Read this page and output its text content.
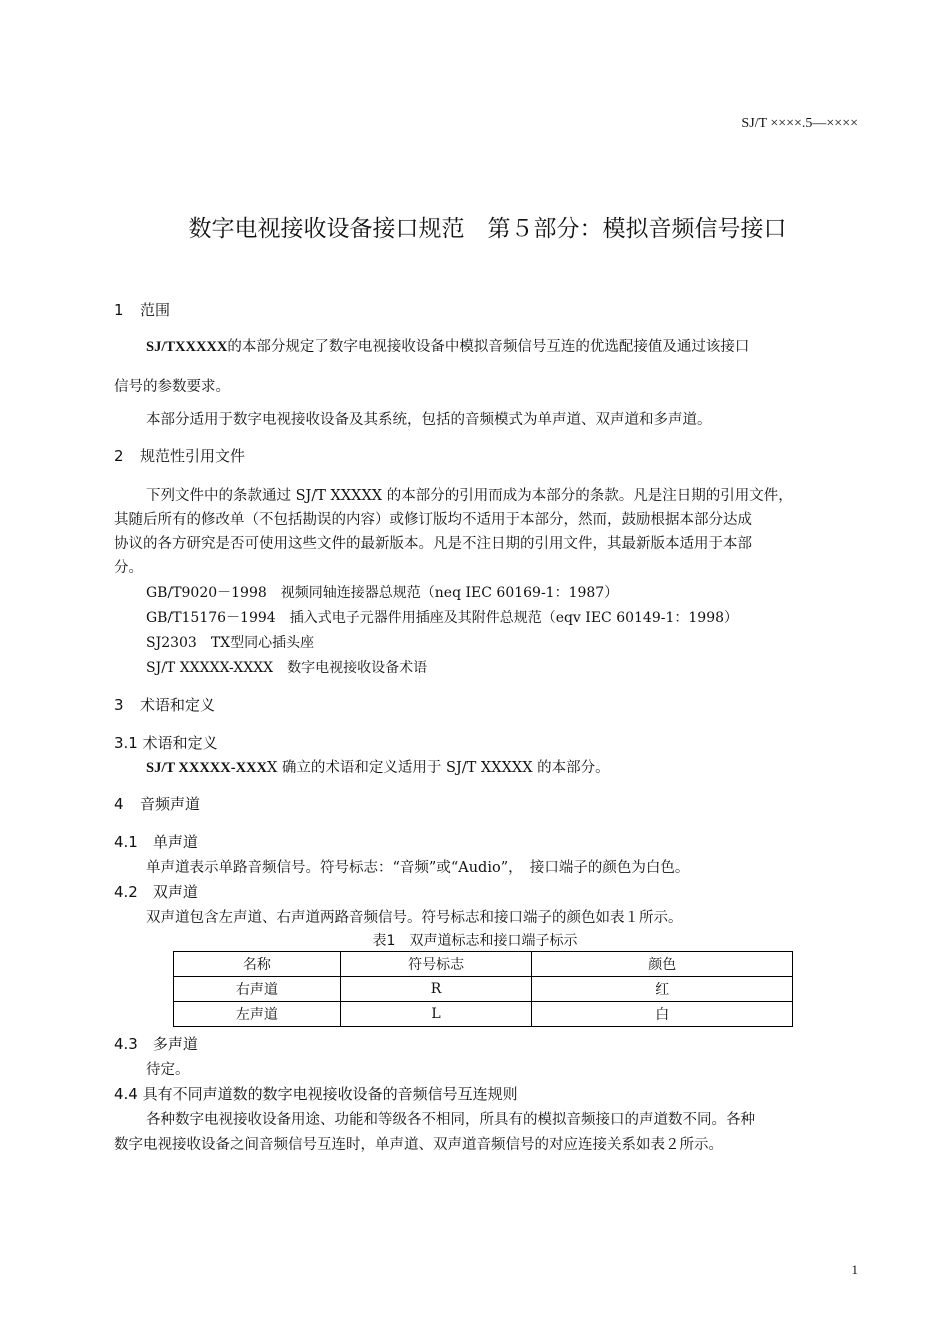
SJ/T ××××.5—××××
数字电视接收设备接口规范　第５部分：模拟音频信号接口
1 范围
SJ/TXXXXX的本部分规定了数字电视接收设备中模拟音频信号互连的优选配接值及通过该接口
信号的参数要求。
本部分适用于数字电视接收设备及其系统，包括的音频模式为单声道、双声道和多声道。
2 规范性引用文件
下列文件中的条款通过 SJ/T XXXXX 的本部分的引用而成为本部分的条款。凡是注日期的引用文件，
其随后所有的修改单（不包括勘误的内容）或修订版均不适用于本部分，然而，鼓励根据本部分达成
协议的各方研究是否可使用这些文件的最新版本。凡是不注日期的引用文件，其最新版本适用于本部
分。
GB/T9020－1998　视频同轴连接器总规范（neq IEC 60169-1：1987）
GB/T15176－1994　插入式电子元器件用插座及其附件总规范（eqv IEC 60149-1：1998）
SJ2303　TX型同心插头座
SJ/T XXXXX-XXXX　数字电视接收设备术语
3 术语和定义
3.1 术语和定义
SJ/T XXXXX-XXXX 确立的术语和定义适用于 SJ/T XXXXX 的本部分。
4 音频声道
4.1　单声道
单声道表示单路音频信号。符号标志：“音频”或“Audio”，　接口端子的颜色为白色。
4.2　双声道
双声道包含左声道、右声道两路音频信号。符号标志和接口端子的颜色如表１所示。
表1　双声道标志和接口端子标示
名称	符号标志	颜色
右声道	R	红
左声道	L	白
4.3　多声道
待定。
4.4 具有不同声道数的数字电视接收设备的音频信号互连规则
各种数字电视接收设备用途、功能和等级各不相同，所具有的模拟音频接口的声道数不同。各种
数字电视接收设备之间音频信号互连时，单声道、双声道音频信号的对应连接关系如表２所示。
1
